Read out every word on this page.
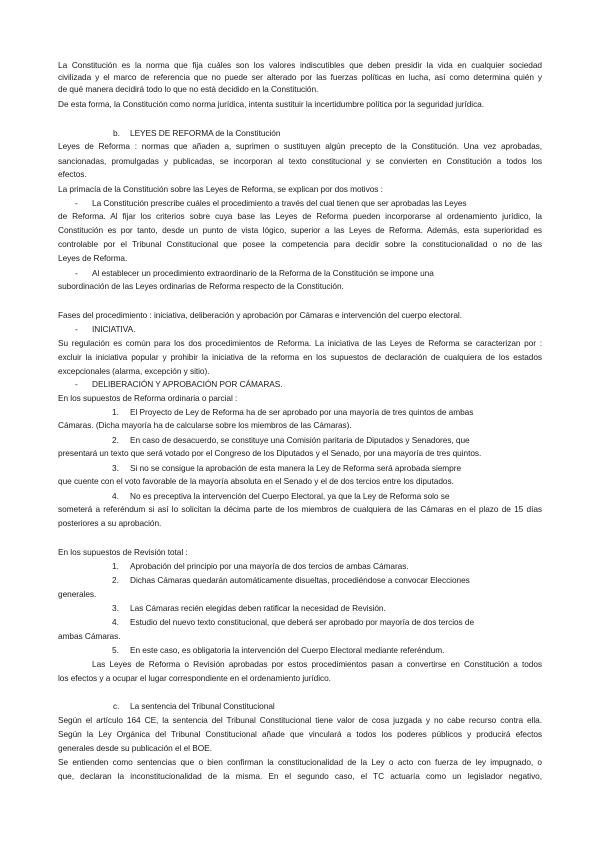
La Constitución es la norma que fija cuáles son los valores indiscutibles que deben presidir la vida en cualquier sociedad
civilizada y el marco de referencia que no puede ser alterado por las fuerzas políticas en lucha, así como determina quién y
de qué manera decidirá todo lo que no está decidido en la Constitución.
De esta forma, la Constitución como norma jurídica, intenta sustituir la incertidumbre política por la seguridad jurídica.
b.	LEYES DE REFORMA de la Constitución
Leyes de Reforma : normas que añaden a, suprimen o sustituyen algún precepto de la Constitución. Una vez aprobadas,
sancionadas, promulgadas y publicadas, se incorporan al texto constitucional y se convierten en Constitución a todos los
efectos.
La primacía de la Constitución sobre las Leyes de Reforma, se explican por dos motivos :
-	La Constitución prescribe cuáles el procedimiento a través del cual tienen que ser aprobadas las Leyes
de Reforma. Al fijar los criterios sobre cuya base las Leyes de Reforma pueden incorporarse al ordenamiento jurídico, la
Constitución es por tanto, desde un punto de vista lógico, superior a las Leyes de Reforma. Además, esta superioridad es
controlable por el Tribunal Constitucional que posee la competencia para decidir sobre la constitucionalidad o no de las
Leyes de Reforma.
-	Al establecer un procedimiento extraordinario de la Reforma de la Constitución se impone una
subordinación de las Leyes ordinarias de Reforma respecto de la Constitución.
Fases del procedimiento : iniciativa, deliberación y aprobación por Cámaras e intervención del cuerpo electoral.
-	INICIATIVA.
Su regulación es común para los dos procedimientos de Reforma. La iniciativa de las Leyes de Reforma se caracterizan por :
excluir la iniciativa popular y prohibir la iniciativa de la reforma en los supuestos de declaración de cualquiera de los estados
excepcionales (alarma, excepción y sitio).
-	DELIBERACIÓN Y APROBACIÓN POR CÁMARAS.
En los supuestos de Reforma ordinaria o parcial :
1.	El Proyecto de Ley de Reforma ha de ser aprobado por una mayoría de tres quintos de ambas
Cámaras. (Dicha mayoría ha de calcularse sobre los miembros de las Cámaras).
2.	En caso de desacuerdo, se constituye una Comisión paritaria de Diputados y Senadores, que
presentará un texto que será votado por el Congreso de los Diputados y el Senado, por una mayoría de tres quintos.
3.	Si no se consigue la aprobación de esta manera la Ley de Reforma será aprobada siempre
que cuente con el voto favorable de la mayoría absoluta en el Senado y el de dos tercios entre los diputados.
4.	No es preceptiva la intervención del Cuerpo Electoral, ya que la Ley de Reforma solo se
someterá a referéndum si así lo solicitan la décima parte de los miembros de cualquiera de las Cámaras en el plazo de 15 días
posteriores a su aprobación.
En los supuestos de Revisión total :
1.	Aprobación del principio por una mayoría de dos tercios de ambas Cámaras.
2.	Dichas Cámaras quedarán automáticamente disueltas, procediéndose a convocar Elecciones
generales.
3.	Las Cámaras recién elegidas deben ratificar la necesidad de Revisión.
4.	Estudio del nuevo texto constitucional, que deberá ser aprobado por mayoría de dos tercios de
ambas Cámaras.
5.	En este caso, es obligatoria la intervención del Cuerpo Electoral mediante referéndum.
Las Leyes de Reforma o Revisión aprobadas por estos procedimientos pasan a convertirse en Constitución a todos
los efectos y a ocupar el lugar correspondiente en el ordenamiento jurídico.
c.	La sentencia del Tribunal Constitucional
Según el artículo 164 CE, la sentencia del Tribunal Constitucional tiene valor de cosa juzgada y no cabe recurso contra ella.
Según la Ley Orgánica del Tribunal Constitucional añade que vinculará a todos los poderes públicos y producirá efectos
generales desde su publicación el el BOE.
Se entienden como sentencias que o bien confirman la constitucionalidad de la Ley o acto con fuerza de ley impugnado, o
que, declaran la inconstitucionalidad de la misma. En el segundo caso, el TC actuaría como un legislador negativo,
